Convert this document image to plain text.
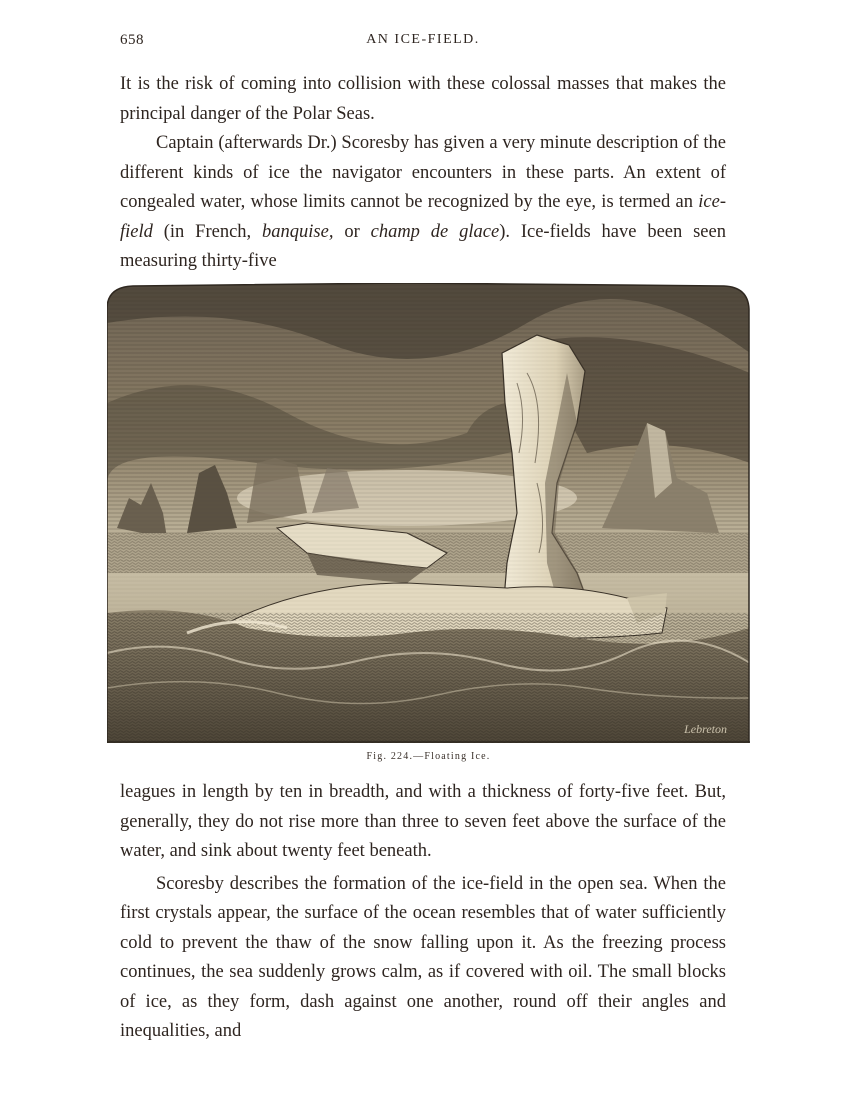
658	AN ICE-FIELD.

It is the risk of coming into collision with these colossal masses that makes the principal danger of the Polar Seas.

Captain (afterwards Dr.) Scoresby has given a very minute description of the different kinds of ice the navigator encounters in these parts. An extent of congealed water, whose limits cannot be recognized by the eye, is termed an ice-field (in French, banquise, or champ de glace). Ice-fields have been seen measuring thirty-five

Lebreton
Fig. 224.—Floating Ice.

leagues in length by ten in breadth, and with a thickness of forty-five feet. But, generally, they do not rise more than three to seven feet above the surface of the water, and sink about twenty feet beneath.

Scoresby describes the formation of the ice-field in the open sea. When the first crystals appear, the surface of the ocean resembles that of water sufficiently cold to prevent the thaw of the snow falling upon it. As the freezing process continues, the sea suddenly grows calm, as if covered with oil. The small blocks of ice, as they form, dash against one another, round off their angles and inequalities, and
